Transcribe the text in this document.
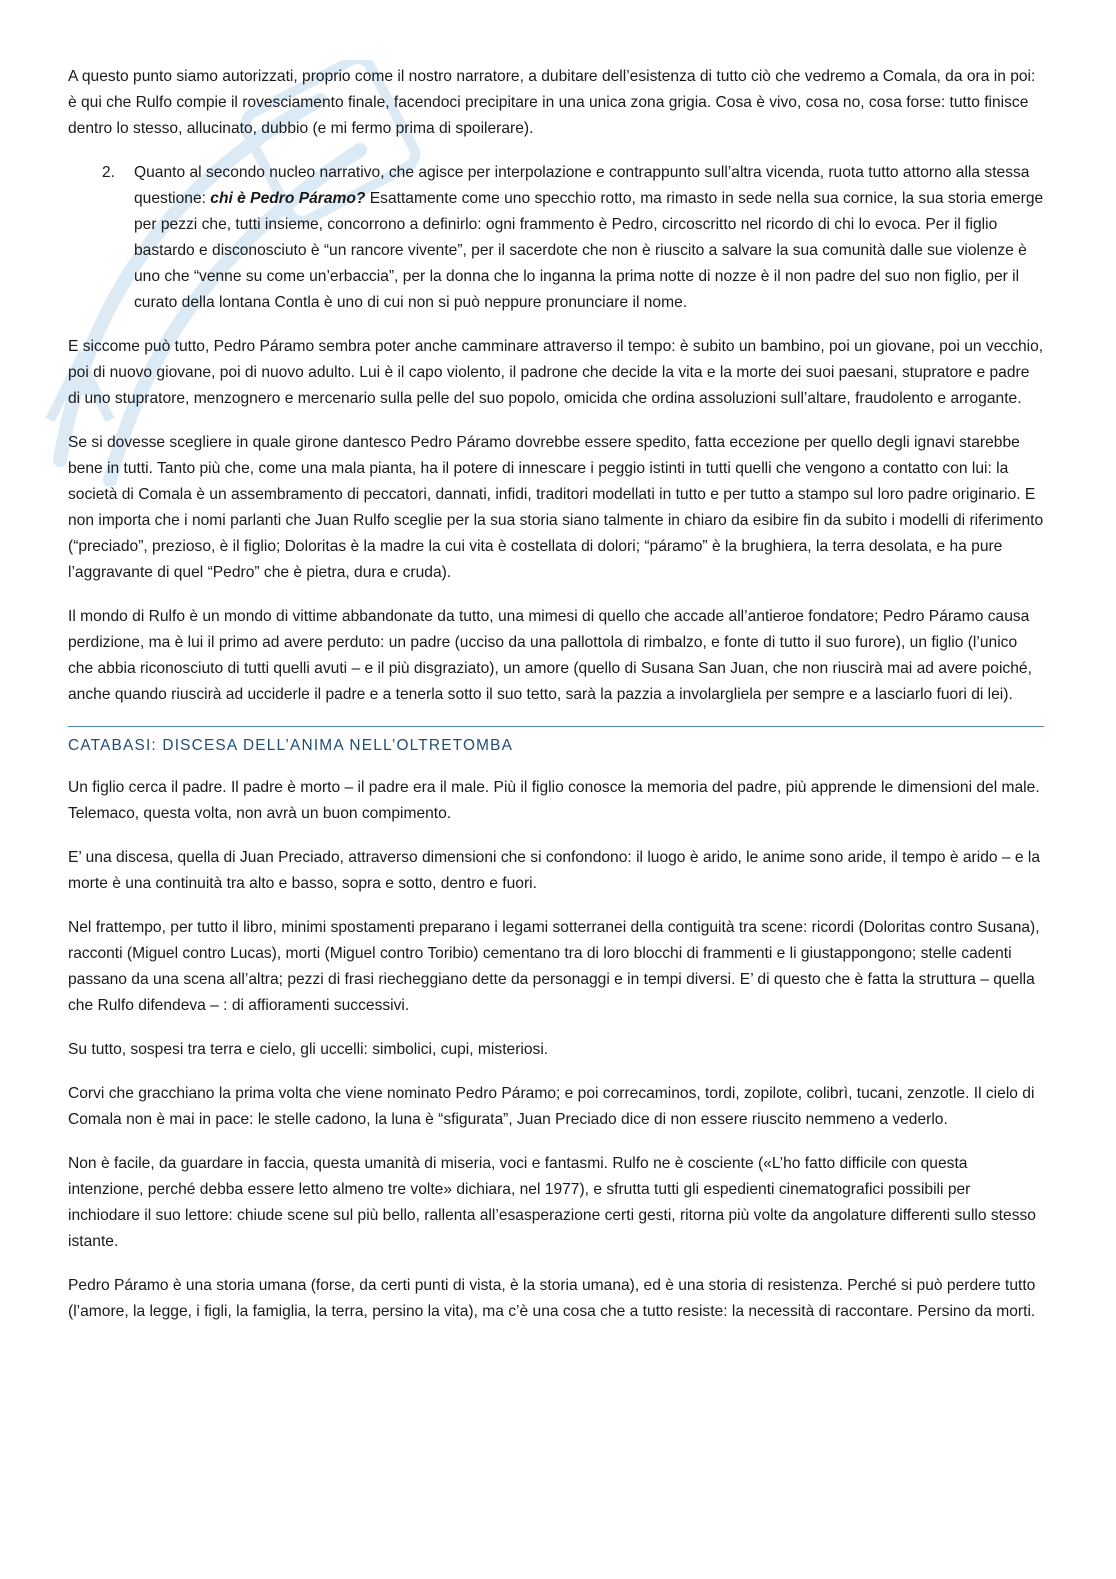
A questo punto siamo autorizzati, proprio come il nostro narratore, a dubitare dell’esistenza di tutto ciò che vedremo a Comala, da ora in poi: è qui che Rulfo compie il rovesciamento finale, facendoci precipitare in una unica zona grigia. Cosa è vivo, cosa no, cosa forse: tutto finisce dentro lo stesso, allucinato, dubbio (e mi fermo prima di spoilerare).

2. Quanto al secondo nucleo narrativo, che agisce per interpolazione e contrappunto sull’altra vicenda, ruota tutto attorno alla stessa questione: chi è Pedro Páramo? Esattamente come uno specchio rotto, ma rimasto in sede nella sua cornice, la sua storia emerge per pezzi che, tutti insieme, concorrono a definirlo: ogni frammento è Pedro, circoscritto nel ricordo di chi lo evoca. Per il figlio bastardo e disconosciuto è “un rancore vivente”, per il sacerdote che non è riuscito a salvare la sua comunità dalle sue violenze è uno che “venne su come un’erbaccia”, per la donna che lo inganna la prima notte di nozze è il non padre del suo non figlio, per il curato della lontana Contla è uno di cui non si può neppure pronunciare il nome.

E siccome può tutto, Pedro Páramo sembra poter anche camminare attraverso il tempo: è subito un bambino, poi un giovane, poi un vecchio, poi di nuovo giovane, poi di nuovo adulto. Lui è il capo violento, il padrone che decide la vita e la morte dei suoi paesani, stupratore e padre di uno stupratore, menzognero e mercenario sulla pelle del suo popolo, omicida che ordina assoluzioni sull’altare, fraudolento e arrogante.

Se si dovesse scegliere in quale girone dantesco Pedro Páramo dovrebbe essere spedito, fatta eccezione per quello degli ignavi starebbe bene in tutti. Tanto più che, come una mala pianta, ha il potere di innescare i peggio istinti in tutti quelli che vengono a contatto con lui: la società di Comala è un assembramento di peccatori, dannati, infidi, traditori modellati in tutto e per tutto a stampo sul loro padre originario. E non importa che i nomi parlanti che Juan Rulfo sceglie per la sua storia siano talmente in chiaro da esibire fin da subito i modelli di riferimento (“preciado”, prezioso, è il figlio; Doloritas è la madre la cui vita è costellata di dolori; “páramo” è la brughiera, la terra desolata, e ha pure l’aggravante di quel “Pedro” che è pietra, dura e cruda).

Il mondo di Rulfo è un mondo di vittime abbandonate da tutto, una mimesi di quello che accade all’antieroe fondatore; Pedro Páramo causa perdizione, ma è lui il primo ad avere perduto: un padre (ucciso da una pallottola di rimbalzo, e fonte di tutto il suo furore), un figlio (l’unico che abbia riconosciuto di tutti quelli avuti – e il più disgraziato), un amore (quello di Susana San Juan, che non riuscirà mai ad avere poiché, anche quando riuscirà ad ucciderle il padre e a tenerla sotto il suo tetto, sarà la pazzia a involargliela per sempre e a lasciarlo fuori di lei).

CATABASI: DISCESA DELL’ANIMA NELL’OLTRETOMBA

Un figlio cerca il padre. Il padre è morto – il padre era il male. Più il figlio conosce la memoria del padre, più apprende le dimensioni del male. Telemaco, questa volta, non avrà un buon compimento.

E’ una discesa, quella di Juan Preciado, attraverso dimensioni che si confondono: il luogo è arido, le anime sono aride, il tempo è arido – e la morte è una continuità tra alto e basso, sopra e sotto, dentro e fuori.

Nel frattempo, per tutto il libro, minimi spostamenti preparano i legami sotterranei della contiguità tra scene: ricordi (Doloritas contro Susana), racconti (Miguel contro Lucas), morti (Miguel contro Toribio) cementano tra di loro blocchi di frammenti e li giustappongono; stelle cadenti passano da una scena all’altra; pezzi di frasi riecheggiano dette da personaggi e in tempi diversi. E’ di questo che è fatta la struttura – quella che Rulfo difendeva – : di affioramenti successivi.

Su tutto, sospesi tra terra e cielo, gli uccelli: simbolici, cupi, misteriosi.

Corvi che gracchiano la prima volta che viene nominato Pedro Páramo; e poi correcaminos, tordi, zopilote, colibrì, tucani, zenzotle. Il cielo di Comala non è mai in pace: le stelle cadono, la luna è “sfigurata”, Juan Preciado dice di non essere riuscito nemmeno a vederlo.

Non è facile, da guardare in faccia, questa umanità di miseria, voci e fantasmi. Rulfo ne è cosciente («L’ho fatto difficile con questa intenzione, perché debba essere letto almeno tre volte» dichiara, nel 1977), e sfrutta tutti gli espedienti cinematografici possibili per inchiodare il suo lettore: chiude scene sul più bello, rallenta all’esasperazione certi gesti, ritorna più volte da angolature differenti sullo stesso istante.

Pedro Páramo è una storia umana (forse, da certi punti di vista, è la storia umana), ed è una storia di resistenza. Perché si può perdere tutto (l’amore, la legge, i figli, la famiglia, la terra, persino la vita), ma c’è una cosa che a tutto resiste: la necessità di raccontare. Persino da morti.
